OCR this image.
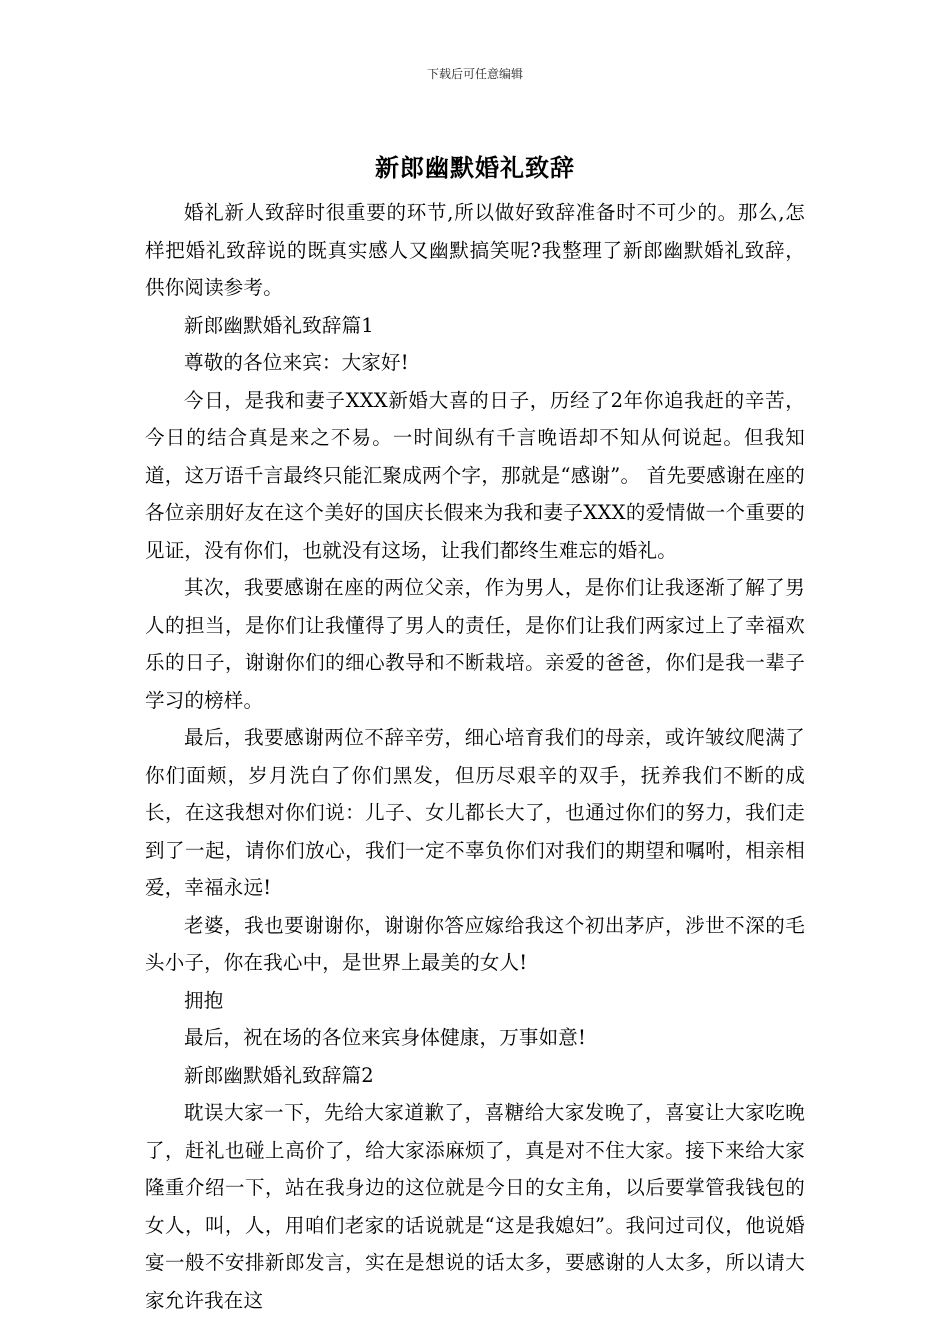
下载后可任意编辑
新郎幽默婚礼致辞

婚礼新人致辞时很重要的环节,所以做好致辞准备时不可少的。那么,怎样把婚礼致辞说的既真实感人又幽默搞笑呢?我整理了新郎幽默婚礼致辞，供你阅读参考。

新郎幽默婚礼致辞篇1

尊敬的各位来宾：大家好!

今日，是我和妻子XXX新婚大喜的日子，历经了2年你追我赶的辛苦，今日的结合真是来之不易。一时间纵有千言晚语却不知从何说起。但我知道，这万语千言最终只能汇聚成两个字，那就是“感谢”。 首先要感谢在座的各位亲朋好友在这个美好的国庆长假来为我和妻子XXX的爱情做一个重要的见证，没有你们，也就没有这场，让我们都终生难忘的婚礼。

其次，我要感谢在座的两位父亲，作为男人，是你们让我逐渐了解了男人的担当，是你们让我懂得了男人的责任，是你们让我们两家过上了幸福欢乐的日子，谢谢你们的细心教导和不断栽培。亲爱的爸爸，你们是我一辈子学习的榜样。

最后，我要感谢两位不辞辛劳，细心培育我们的母亲，或许皱纹爬满了你们面颊，岁月洗白了你们黑发，但历尽艰辛的双手，抚养我们不断的成长，在这我想对你们说：儿子、女儿都长大了，也通过你们的努力，我们走到了一起，请你们放心，我们一定不辜负你们对我们的期望和嘱咐，相亲相爱，幸福永远!

老婆，我也要谢谢你，谢谢你答应嫁给我这个初出茅庐，涉世不深的毛头小子，你在我心中，是世界上最美的女人!

拥抱

最后，祝在场的各位来宾身体健康，万事如意!

新郎幽默婚礼致辞篇2

耽误大家一下，先给大家道歉了，喜糖给大家发晚了，喜宴让大家吃晚了，赶礼也碰上高价了，给大家添麻烦了，真是对不住大家。接下来给大家隆重介绍一下，站在我身边的这位就是今日的女主角，以后要掌管我钱包的女人，叫，人，用咱们老家的话说就是“这是我媳妇”。我问过司仪，他说婚宴一般不安排新郎发言，实在是想说的话太多，要感谢的人太多，所以请大家允许我在这
